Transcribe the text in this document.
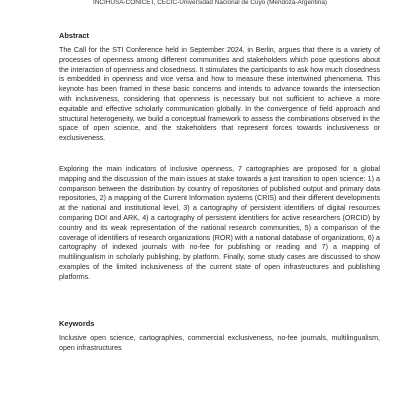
INCIHUSA-CONICET, CECIC-Universidad Nacional de Cuyo (Mendoza-Argentina)
Abstract

The Call for the STI Conference held in September 2024, in Berlin, argues that there is a variety of processes of openness among different communities and stakeholders which pose questions about the interaction of openness and closedness. It stimulates the participants to ask how much closedness is embedded in openness and vice versa and how to measure these intertwined phenomena. This keynote has been framed in these basic concerns and intends to advance towards the intersection with inclusiveness, considering that openness is necessary but not sufficient to achieve a more equitable and effective scholarly communication globally. In the convergence of field approach and structural heterogeneity, we build a conceptual framework to assess the combinations observed in the space of open science, and the stakeholders that represent forces towards inclusiveness or exclusiveness.

Exploring the main indicators of inclusive openness, 7 cartographies are proposed for a global mapping and the discussion of the main issues at stake towards a just transition to open science: 1) a comparison between the distribution by country of repositories of published output and primary data repositories, 2) a mapping of the Current Information systems (CRIS) and their different developments at the national and institutional level, 3) a cartography of persistent identifiers of digital resources comparing DOI and ARK, 4) a cartography of persistent identifiers for active researchers (ORCID) by country and its weak representation of the national research communities, 5) a comparison of the coverage of identifiers of research organizations (ROR) with a national database of organizations, 6) a cartography of indexed journals with no-fee for publishing or reading and 7) a mapping of multilingualism in scholarly publishing, by platform. Finally, some study cases are discussed to show examples of the limited inclusiveness of the current state of open infrastructures and publishing platforms.

Keywords

Inclusive open science, cartographies, commercial exclusiveness, no-fee journals, multilingualism, open infrastructures
